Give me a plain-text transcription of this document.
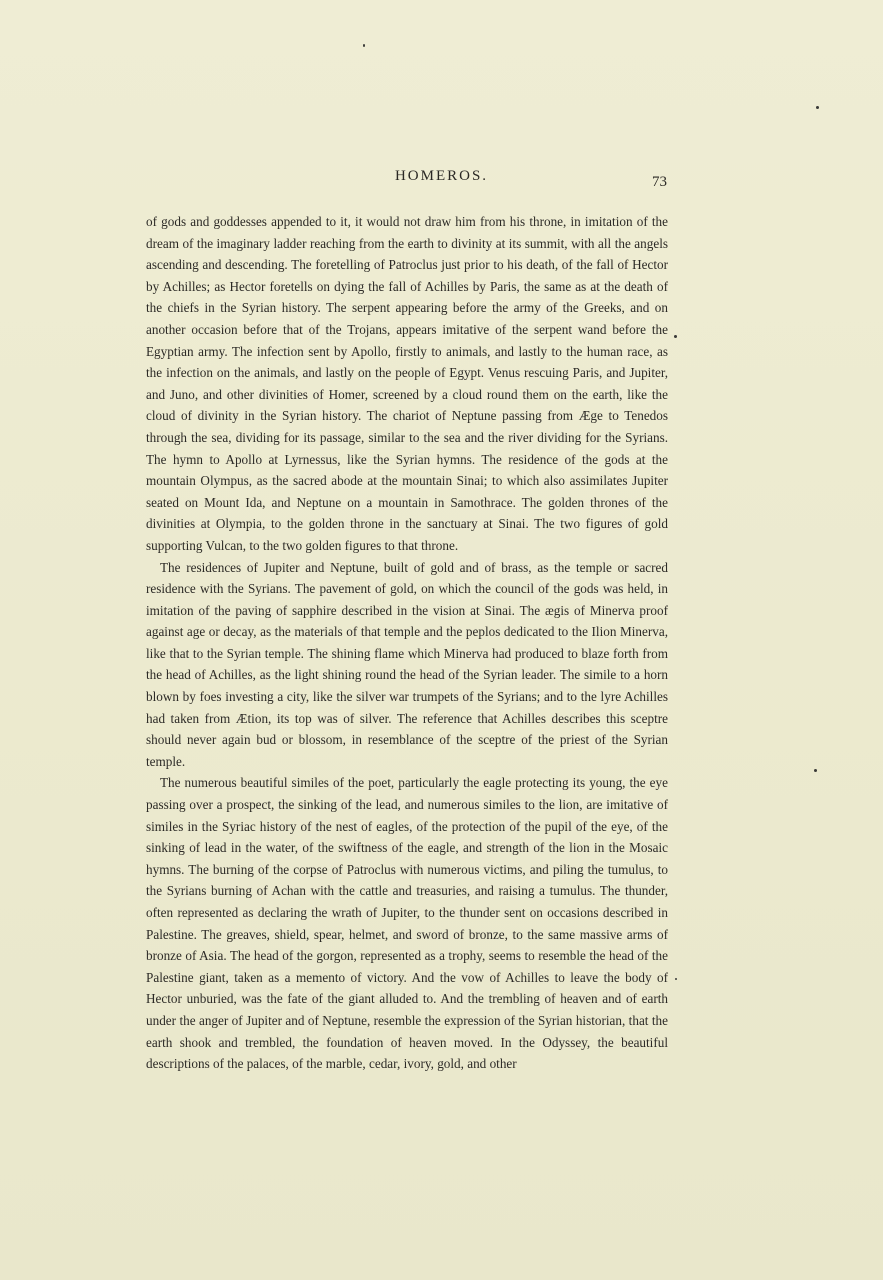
HOMEROS.	73

of gods and goddesses appended to it, it would not draw him from his throne, in imitation of the dream of the imaginary ladder reaching from the earth to divinity at its summit, with all the angels ascending and descending. The foretelling of Patroclus just prior to his death, of the fall of Hector by Achilles; as Hector foretells on dying the fall of Achilles by Paris, the same as at the death of the chiefs in the Syrian history. The serpent appearing before the army of the Greeks, and on another occasion before that of the Trojans, appears imitative of the serpent wand before the Egyptian army. The infection sent by Apollo, firstly to animals, and lastly to the human race, as the infection on the animals, and lastly on the people of Egypt. Venus rescuing Paris, and Jupiter, and Juno, and other divinities of Homer, screened by a cloud round them on the earth, like the cloud of divinity in the Syrian history. The chariot of Neptune passing from Ægе to Tenedos through the sea, dividing for its passage, similar to the sea and the river dividing for the Syrians. The hymn to Apollo at Lyrnessus, like the Syrian hymns. The residence of the gods at the mountain Olympus, as the sacred abode at the mountain Sinai; to which also assimilates Jupiter seated on Mount Ida, and Neptune on a mountain in Samothrace. The golden thrones of the divinities at Olympia, to the golden throne in the sanctuary at Sinai. The two figures of gold supporting Vulcan, to the two golden figures to that throne.

The residences of Jupiter and Neptune, built of gold and of brass, as the temple or sacred residence with the Syrians. The pavement of gold, on which the council of the gods was held, in imitation of the paving of sapphire described in the vision at Sinai. The ægis of Minerva proof against age or decay, as the materials of that temple and the peplos dedicated to the Ilion Minerva, like that to the Syrian temple. The shining flame which Minerva had produced to blaze forth from the head of Achilles, as the light shining round the head of the Syrian leader. The simile to a horn blown by foes investing a city, like the silver war trumpets of the Syrians; and to the lyre Achilles had taken from Ætion, its top was of silver. The reference that Achilles describes this sceptre should never again bud or blossom, in resemblance of the sceptre of the priest of the Syrian temple.

The numerous beautiful similes of the poet, particularly the eagle protecting its young, the eye passing over a prospect, the sinking of the lead, and numerous similes to the lion, are imitative of similes in the Syriac history of the nest of eagles, of the protection of the pupil of the eye, of the sinking of lead in the water, of the swiftness of the eagle, and strength of the lion in the Mosaic hymns. The burning of the corpse of Patroclus with numerous victims, and piling the tumulus, to the Syrians burning of Achan with the cattle and treasuries, and raising a tumulus. The thunder, often represented as declaring the wrath of Jupiter, to the thunder sent on occasions described in Palestine. The greaves, shield, spear, helmet, and sword of bronze, to the same massive arms of bronze of Asia. The head of the gorgon, represented as a trophy, seems to resemble the head of the Palestine giant, taken as a memento of victory. And the vow of Achilles to leave the body of Hector unburied, was the fate of the giant alluded to. And the trembling of heaven and of earth under the anger of Jupiter and of Neptune, resemble the expression of the Syrian historian, that the earth shook and trembled, the foundation of heaven moved. In the Odyssey, the beautiful descriptions of the palaces, of the marble, cedar, ivory, gold, and other
